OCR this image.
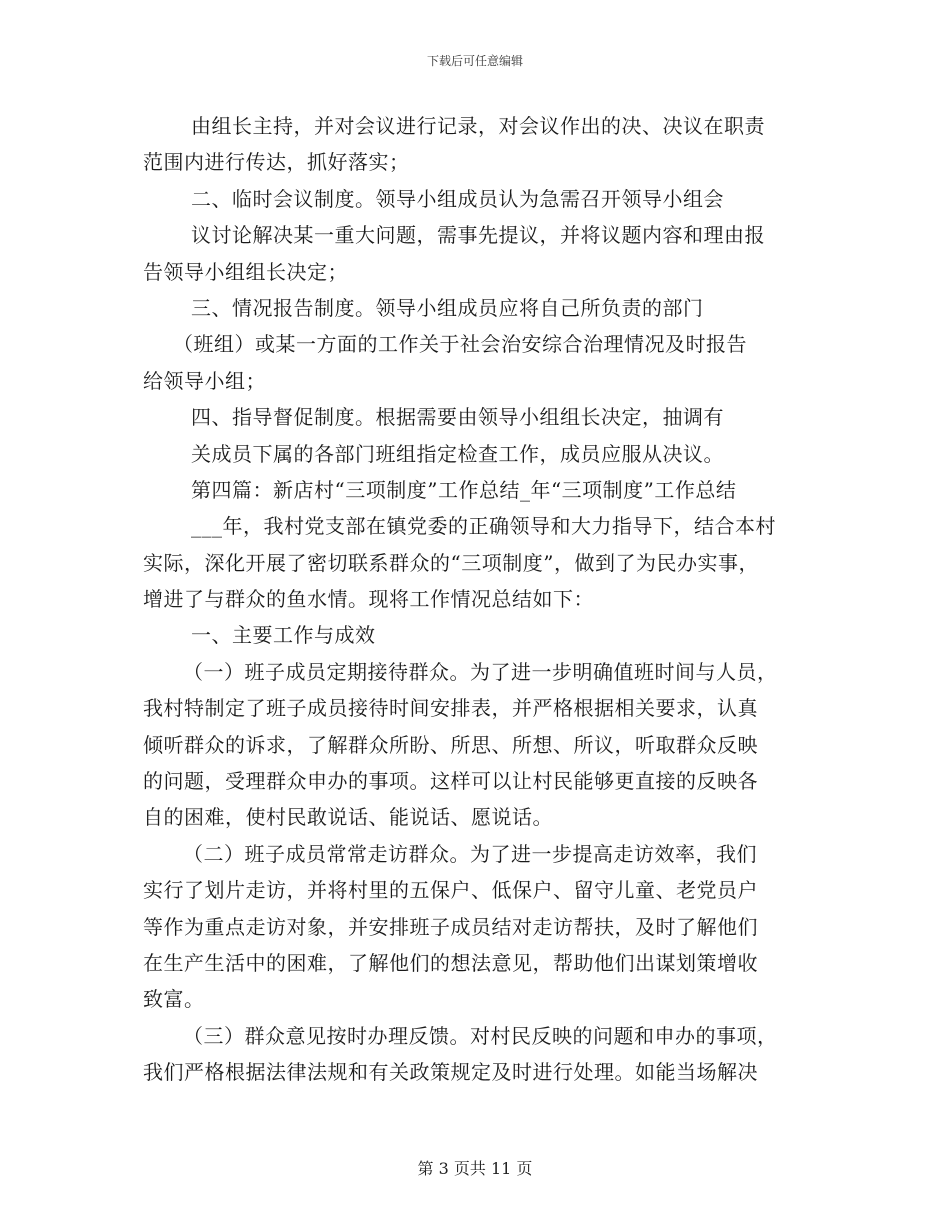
下载后可任意编辑
由组长主持，并对会议进行记录，对会议作出的决、决议在职责
范围内进行传达，抓好落实；
二、临时会议制度。领导小组成员认为急需召开领导小组会
议讨论解决某一重大问题，需事先提议，并将议题内容和理由报
告领导小组组长决定；
三、情况报告制度。领导小组成员应将自己所负责的部门
（班组）或某一方面的工作关于社会治安综合治理情况及时报告
给领导小组；
四、指导督促制度。根据需要由领导小组组长决定，抽调有
关成员下属的各部门班组指定检查工作，成员应服从决议。
第四篇：新店村“三项制度”工作总结_年“三项制度”工作总结
___年，我村党支部在镇党委的正确领导和大力指导下，结合本村
实际，深化开展了密切联系群众的“三项制度”，做到了为民办实事，
增进了与群众的鱼水情。现将工作情况总结如下：
一、主要工作与成效
（一）班子成员定期接待群众。为了进一步明确值班时间与人员，
我村特制定了班子成员接待时间安排表，并严格根据相关要求，认真
倾听群众的诉求，了解群众所盼、所思、所想、所议，听取群众反映
的问题，受理群众申办的事项。这样可以让村民能够更直接的反映各
自的困难，使村民敢说话、能说话、愿说话。
（二）班子成员常常走访群众。为了进一步提高走访效率，我们
实行了划片走访，并将村里的五保户、低保户、留守儿童、老党员户
等作为重点走访对象，并安排班子成员结对走访帮扶，及时了解他们
在生产生活中的困难，了解他们的想法意见，帮助他们出谋划策增收
致富。
（三）群众意见按时办理反馈。对村民反映的问题和申办的事项，
我们严格根据法律法规和有关政策规定及时进行处理。如能当场解决
第 3 页共 11 页
